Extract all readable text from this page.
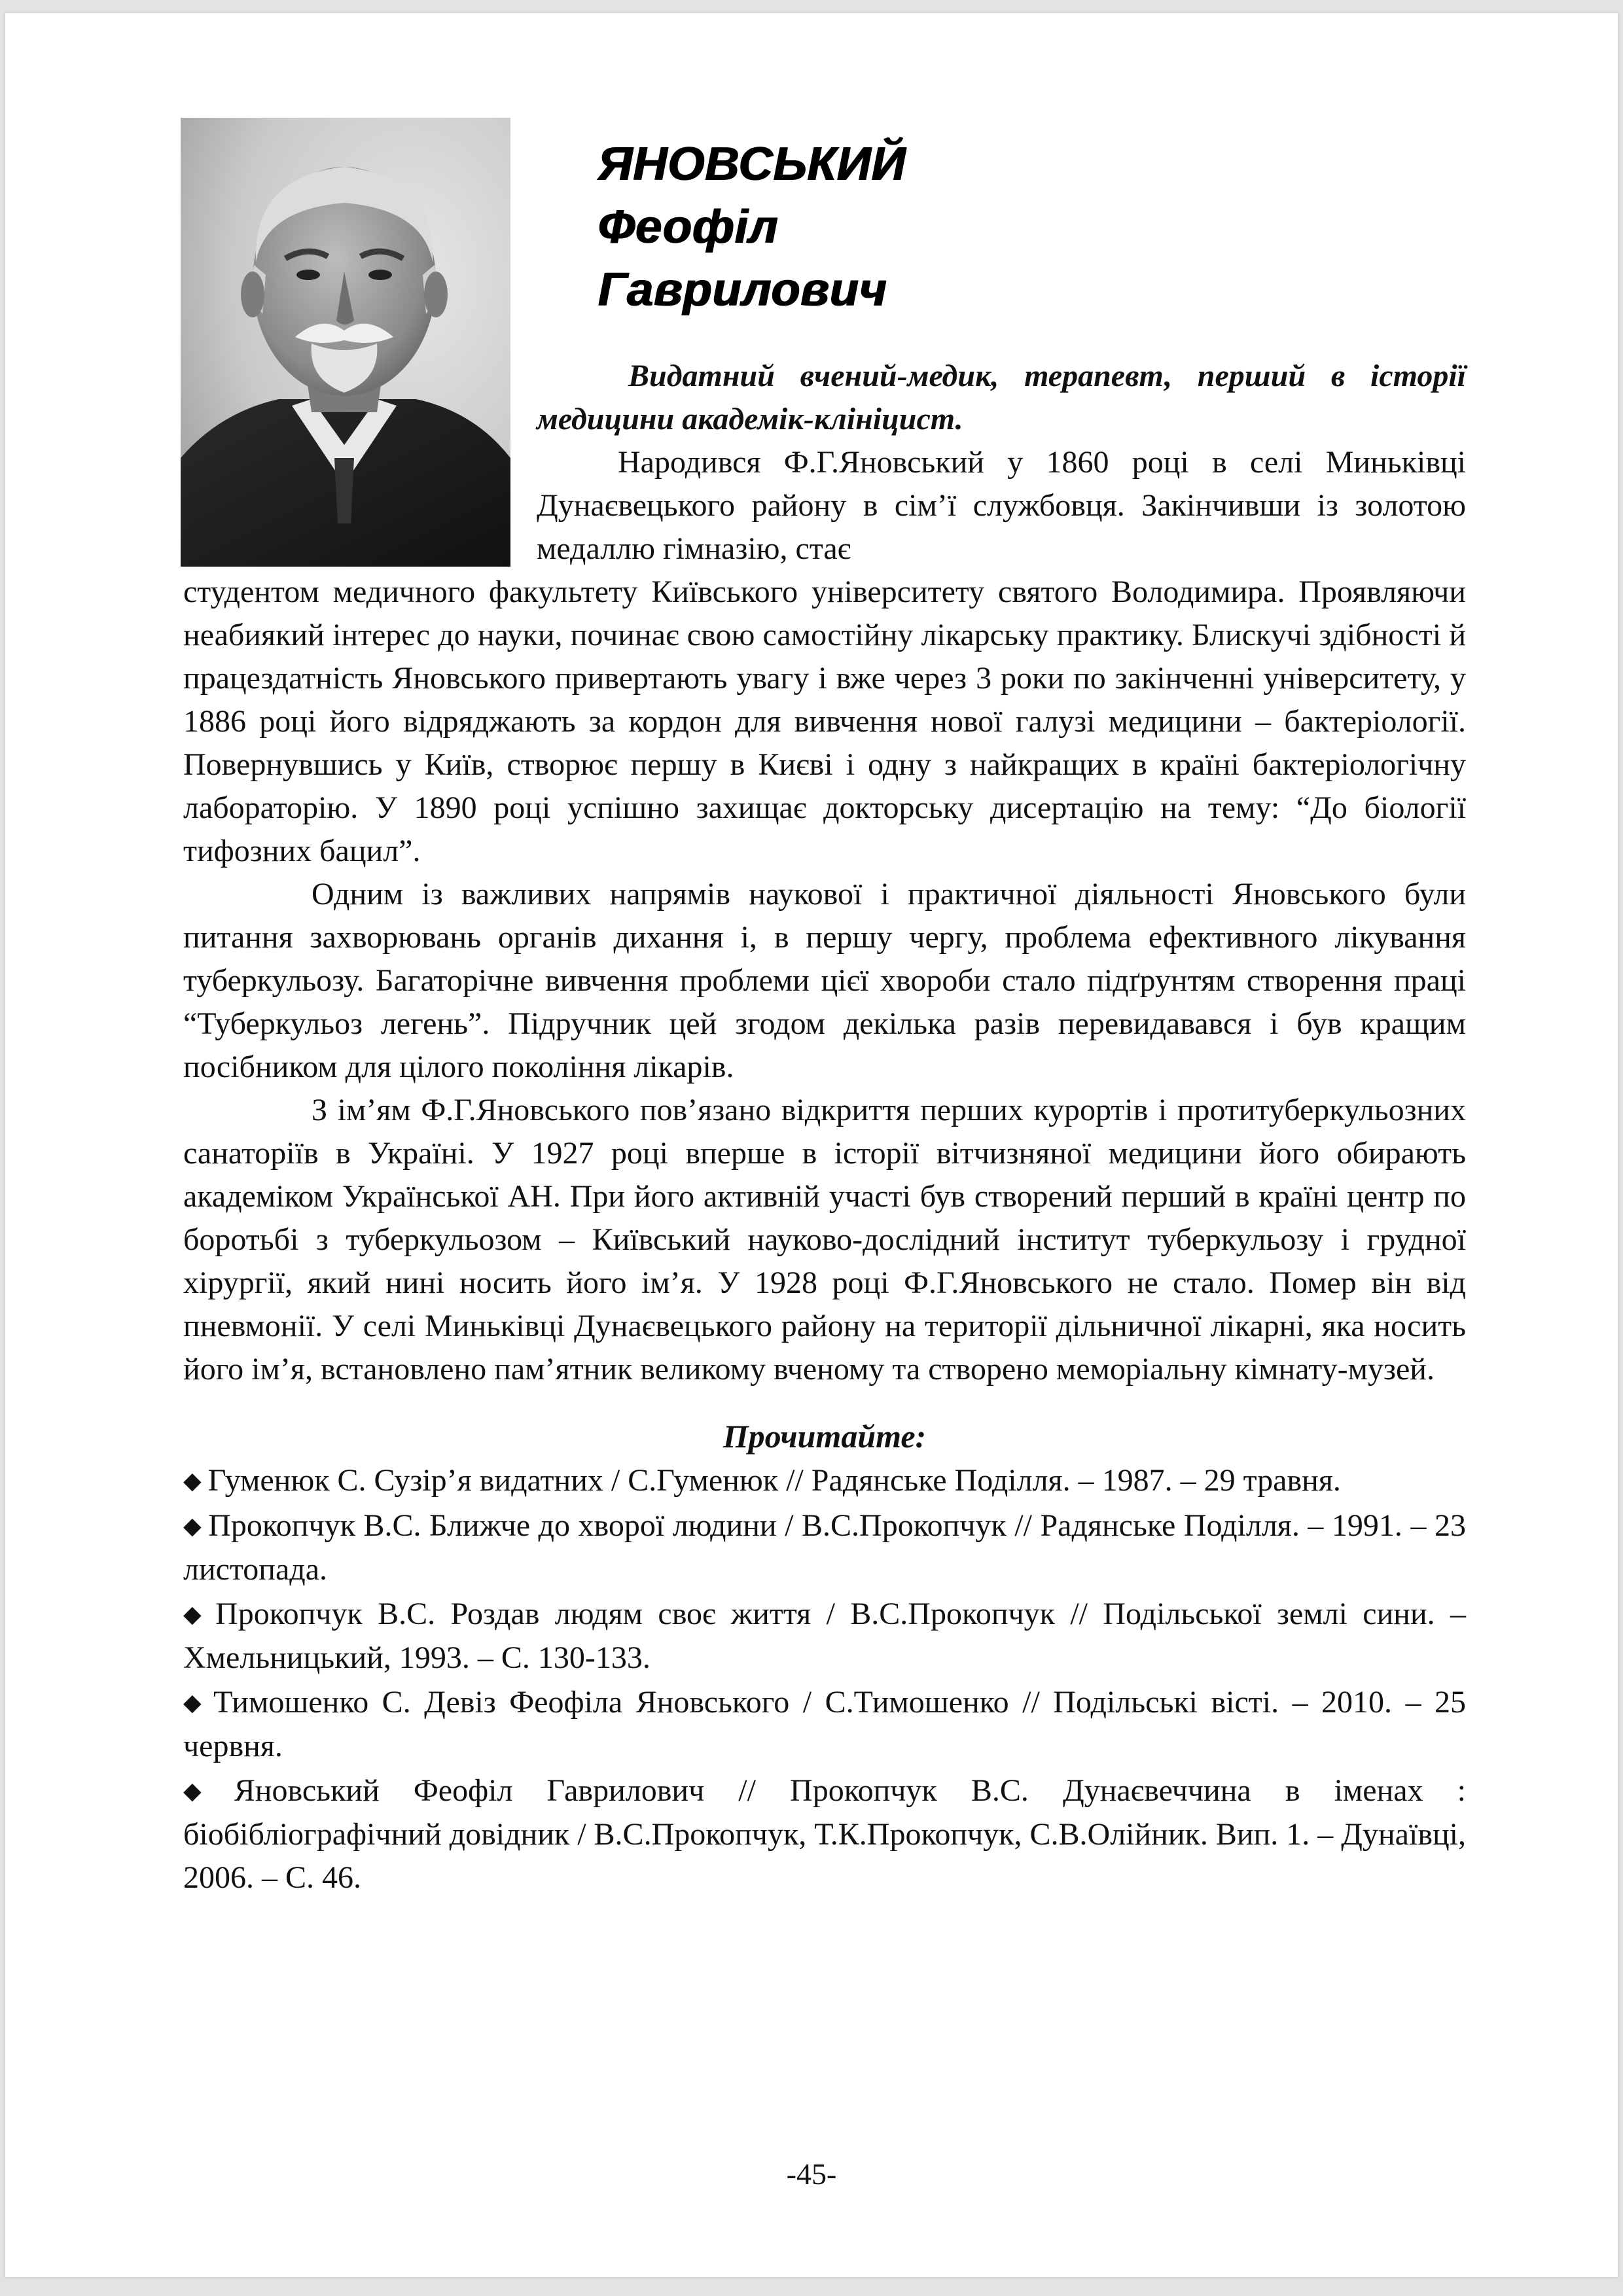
ЯНОВСЬКИЙ
Феофіл
Гаврилович
Видатний вчений-медик, терапевт, перший в історії медицини академік-клініцист.
Народився Ф.Г.Яновський у 1860 році в селі Миньківці Дунаєвецького району в сім’ї службовця. Закінчивши із золотою медаллю гімназію, стає

студентом медичного факультету Київського університету святого Володимира. Проявляючи неабиякий інтерес до науки, починає свою самостійну лікарську практику. Блискучі здібності й працездатність Яновського привертають увагу і вже через 3 роки по закінченні університету, у 1886 році його відряджають за кордон для вивчення нової галузі медицини – бактеріології. Повернувшись у Київ, створює першу в Києві і одну з найкращих в країні бактеріологічну лабораторію. У 1890 році успішно захищає докторську дисертацію на тему: “До біології тифозних бацил”.

Одним із важливих напрямів наукової і практичної діяльності Яновського були питання захворювань органів дихання і, в першу чергу, проблема ефективного лікування туберкульозу. Багаторічне вивчення проблеми цієї хвороби стало підґрунтям створення праці “Туберкульоз легень”. Підручник цей згодом декілька разів перевидавався і був кращим посібником для цілого покоління лікарів.

З ім’ям Ф.Г.Яновського пов’язано відкриття перших курортів і протитуберкульозних санаторіїв в Україні. У 1927 році вперше в історії вітчизняної медицини його обирають академіком Української АН. При його активній участі був створений перший в країні центр по боротьбі з туберкульозом – Київський науково-дослідний інститут туберкульозу і грудної хірургії, який нині носить його ім’я. У 1928 році Ф.Г.Яновського не стало. Помер він від пневмонії. У селі Миньківці Дунаєвецького району на території дільничної лікарні, яка носить його ім’я, встановлено пам’ятник великому вченому та створено меморіальну кімнату-музей.

Прочитайте:
◆ Гуменюк С. Сузір’я видатних / С.Гуменюк // Радянське Поділля. – 1987. – 29 травня.
◆ Прокопчук В.С. Ближче до хворої людини / В.С.Прокопчук // Радянське Поділля. – 1991. – 23 листопада.
◆ Прокопчук В.С. Роздав людям своє життя / В.С.Прокопчук // Подільської землі сини. – Хмельницький, 1993. – С. 130-133.
◆ Тимошенко С. Девіз Феофіла Яновського / С.Тимошенко // Подільські вісті. – 2010. – 25 червня.
◆ Яновський Феофіл Гаврилович // Прокопчук В.С. Дунаєвеччина в іменах : біобібліографічний довідник / В.С.Прокопчук, Т.К.Прокопчук, С.В.Олійник. Вип. 1. – Дунаївці, 2006. – С. 46.
-45-
